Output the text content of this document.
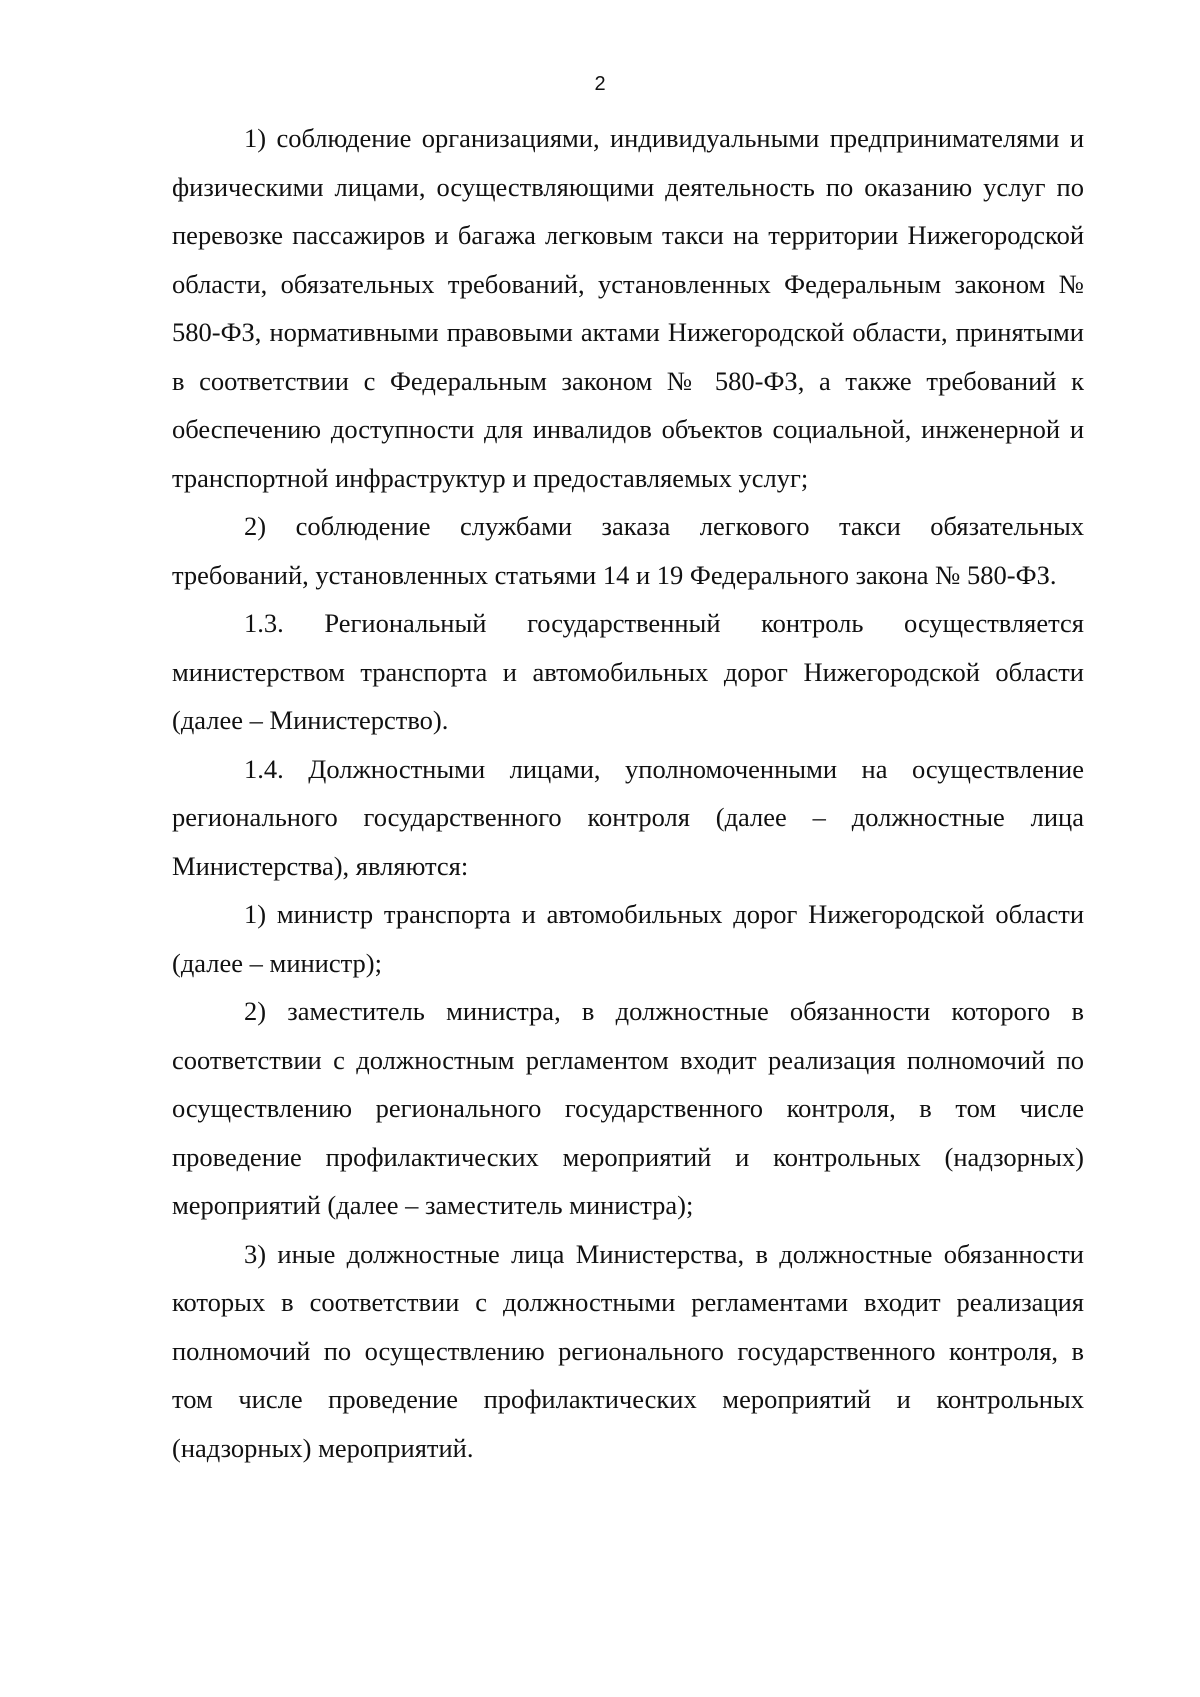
2

1) соблюдение организациями, индивидуальными предпринимателями и физическими лицами, осуществляющими деятельность по оказанию услуг по перевозке пассажиров и багажа легковым такси на территории Нижегородской области, обязательных требований, установленных Федеральным законом № 580-ФЗ, нормативными правовыми актами Нижегородской области, принятыми в соответствии с Федеральным законом № 580-ФЗ, а также требований к обеспечению доступности для инвалидов объектов социальной, инженерной и транспортной инфраструктур и предоставляемых услуг;

2) соблюдение службами заказа легкового такси обязательных требований, установленных статьями 14 и 19 Федерального закона № 580-ФЗ.

1.3. Региональный государственный контроль осуществляется министерством транспорта и автомобильных дорог Нижегородской области (далее – Министерство).

1.4. Должностными лицами, уполномоченными на осуществление регионального государственного контроля (далее – должностные лица Министерства), являются:

1) министр транспорта и автомобильных дорог Нижегородской области (далее – министр);

2) заместитель министра, в должностные обязанности которого в соответствии с должностным регламентом входит реализация полномочий по осуществлению регионального государственного контроля, в том числе проведение профилактических мероприятий и контрольных (надзорных) мероприятий (далее – заместитель министра);

3) иные должностные лица Министерства, в должностные обязанности которых в соответствии с должностными регламентами входит реализация полномочий по осуществлению регионального государственного контроля, в том числе проведение профилактических мероприятий и контрольных (надзорных) мероприятий.
